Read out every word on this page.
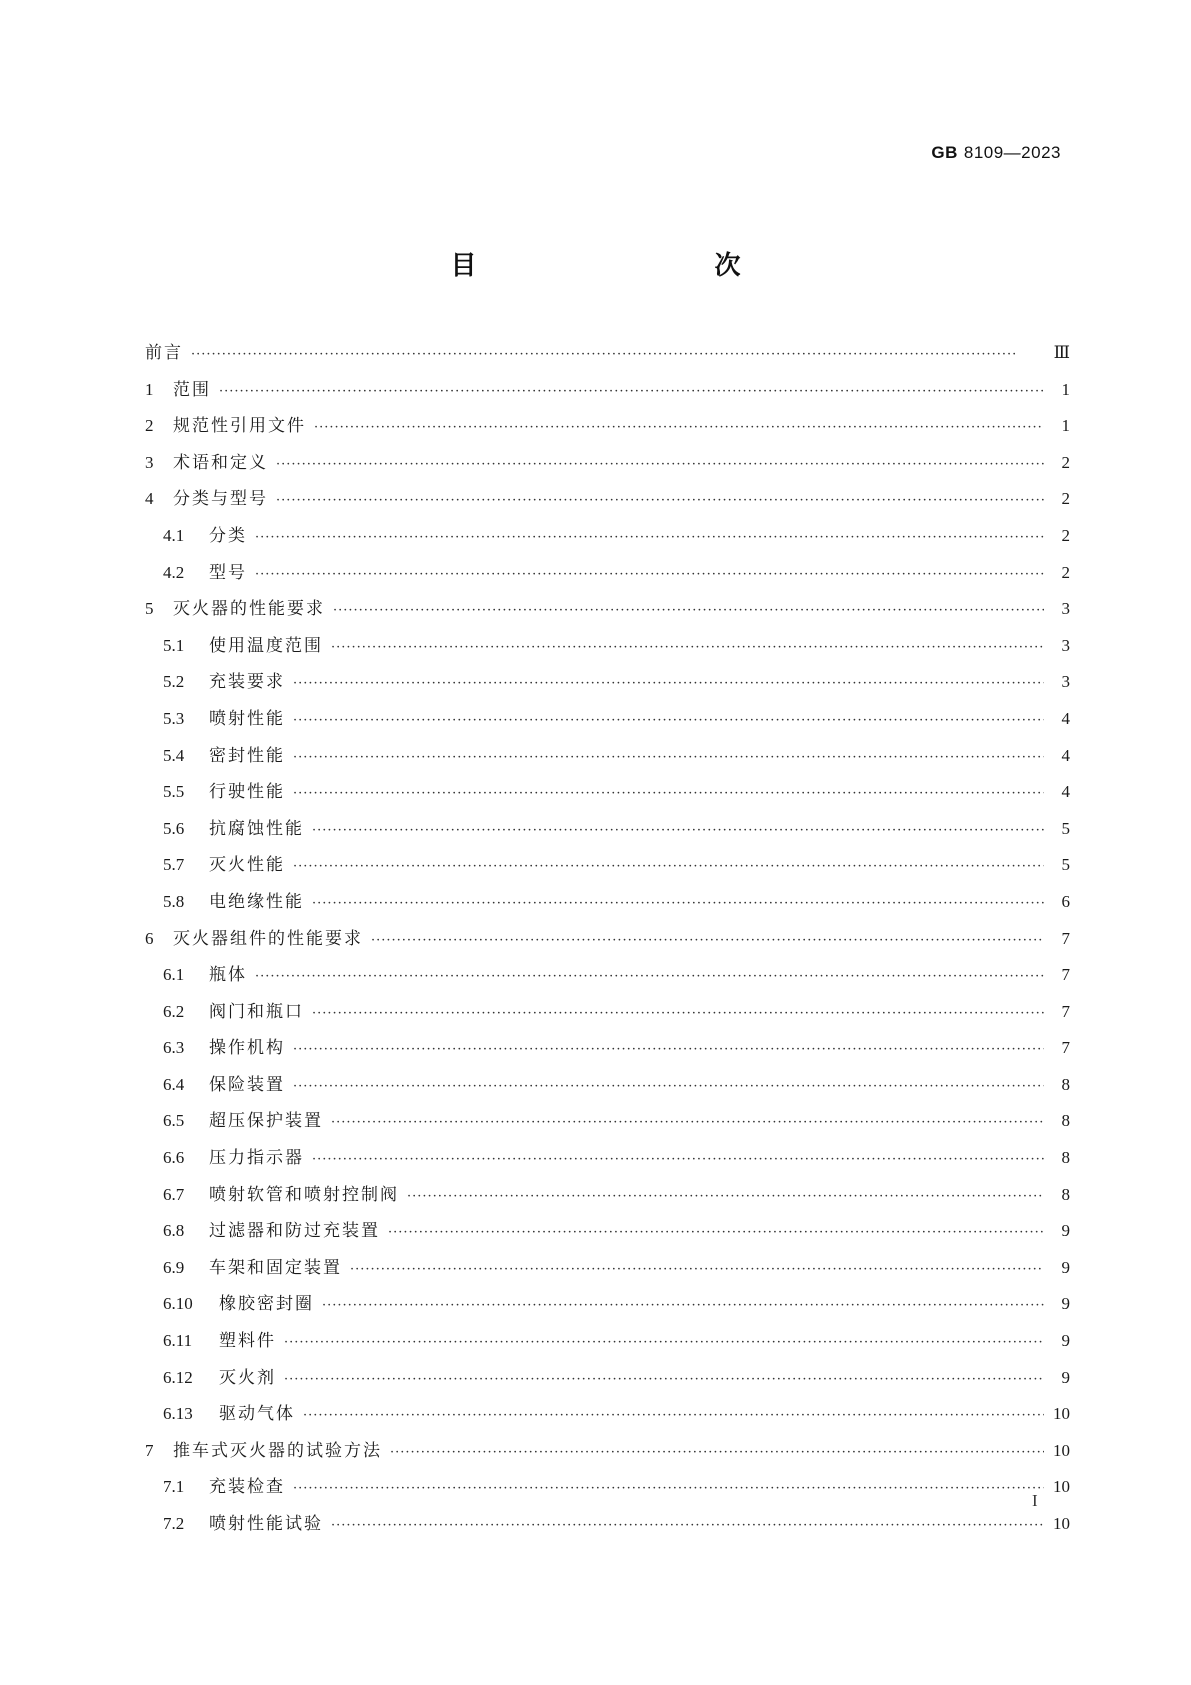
GB 8109—2023
目　　次
前言 ·····	Ⅲ
1	范围 ·····	1
2	规范性引用文件 ·····	1
3	术语和定义 ·····	2
4	分类与型号 ·····	2
4.1	分类 ·····	2
4.2	型号 ·····	2
5	灭火器的性能要求 ·····	3
5.1	使用温度范围 ·····	3
5.2	充装要求 ·····	3
5.3	喷射性能 ·····	4
5.4	密封性能 ·····	4
5.5	行驶性能 ·····	4
5.6	抗腐蚀性能 ·····	5
5.7	灭火性能 ·····	5
5.8	电绝缘性能 ·····	6
6	灭火器组件的性能要求 ·····	7
6.1	瓶体 ·····	7
6.2	阀门和瓶口 ·····	7
6.3	操作机构 ·····	7
6.4	保险装置 ·····	8
6.5	超压保护装置 ·····	8
6.6	压力指示器 ·····	8
6.7	喷射软管和喷射控制阀 ·····	8
6.8	过滤器和防过充装置 ·····	9
6.9	车架和固定装置 ·····	9
6.10	橡胶密封圈 ·····	9
6.11	塑料件 ·····	9
6.12	灭火剂 ·····	9
6.13	驱动气体 ·····	10
7	推车式灭火器的试验方法 ·····	10
7.1	充装检查 ·····	10
7.2	喷射性能试验 ·····	10
I
